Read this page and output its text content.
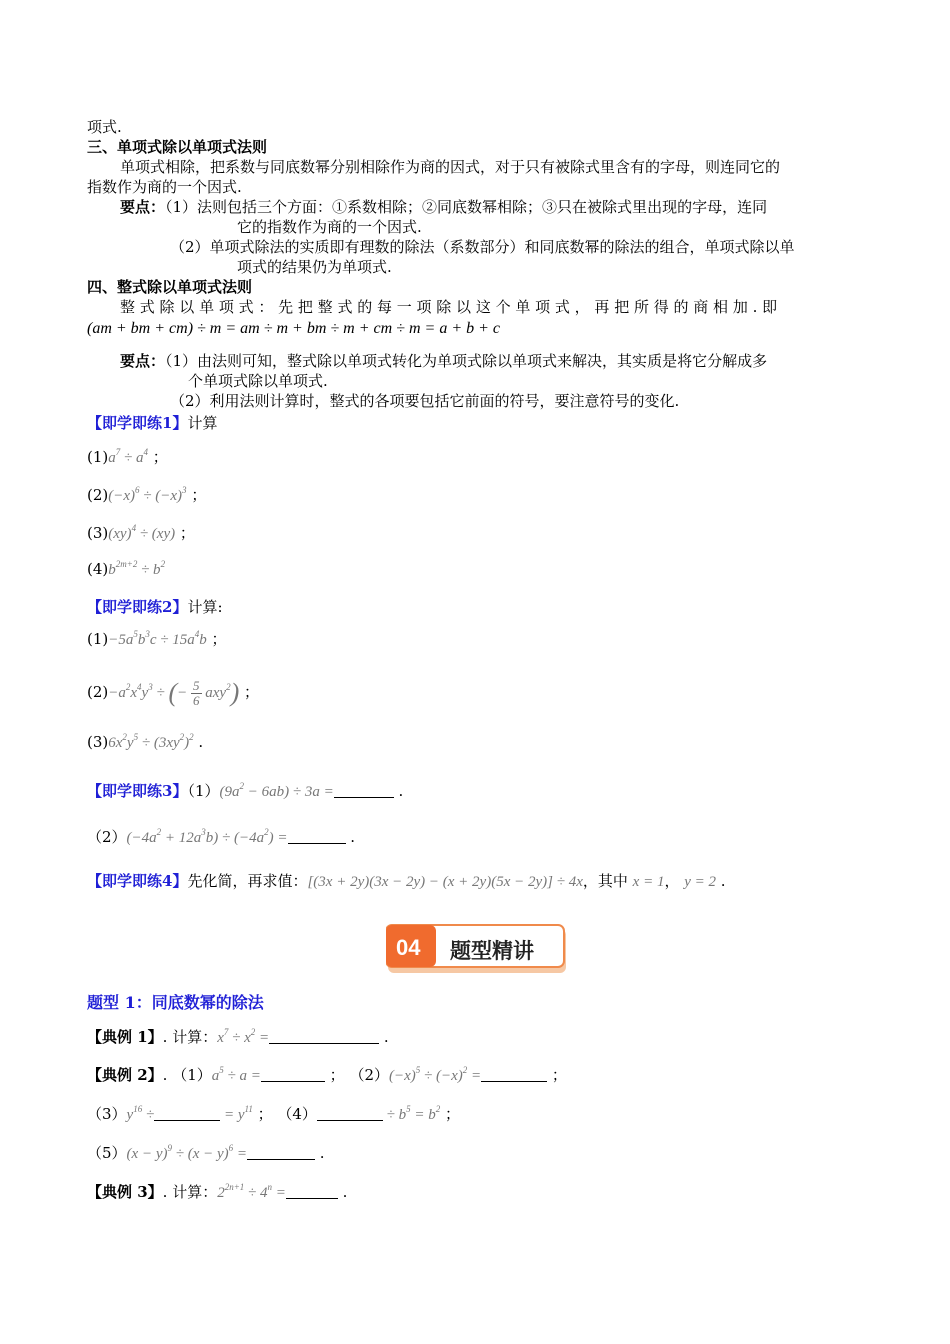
项式.
三、单项式除以单项式法则
单项式相除，把系数与同底数幂分别相除作为商的因式，对于只有被除式里含有的字母，则连同它的
指数作为商的一个因式.
要点：（1）法则包括三个方面：①系数相除；②同底数幂相除；③只在被除式里出现的字母，连同
它的指数作为商的一个因式.
（2）单项式除法的实质即有理数的除法（系数部分）和同底数幂的除法的组合，单项式除以单
项式的结果仍为单项式.
四、整式除以单项式法则
整 式 除 以 单 项 式 ： 先 把 整 式 的 每 一 项 除 以 这 个 单 项 式 ， 再 把 所 得 的 商 相 加 . 即
(am + bm + cm) ÷ m = am ÷ m + bm ÷ m + cm ÷ m = a + b + c
要点：（1）由法则可知，整式除以单项式转化为单项式除以单项式来解决，其实质是将它分解成多
个单项式除以单项式.
（2）利用法则计算时，整式的各项要包括它前面的符号，要注意符号的变化.
【即学即练1】计算
$(1)a^7 \div a^4$ ；
$(2)(-x)^6 \div (-x)^3$ ；
(3)(xy)$^4$ ÷ (xy) ；
$(4)b^{2m+2} \div b^2$
【即学即练2】计算:
$(1)-5a^5b^3c \div 15a^4b$ ；
$(2)-a^2x^4y^3$ ÷ (− $\frac{5}{6} axy^2$) ；
$(3)6x^2y^5 \div (3xy^2)^2$ .
【即学即练3】$(1)(9a^2 - 6ab) \div 3a$ =	.
$(2)(-4a^2 + 12a^3b) \div (-4a^2)$ =	.
【即学即练4】先化简，再求值：[(3x + 2y)(3x − 2y) − (x + 2y)(5x − 2y)] ÷ 4x，其中 x = 1， y = 2 .
04 题型精讲
题型 1：同底数幂的除法
【典例 1】. 计算：$x^7 \div x^2$ =	.
【典例 2】. $(1)a^5 \div a$ =	； $(2)(-x)^5 \div (-x)^2$ =	；
$(3)y^{16}$ ÷	= $y^{11}$ ； （4）	÷ $b^5 = b^2$ ；
$(5)(x - y)^9 \div (x - y)^6$ =	.
【典例 3】. 计算：$2^{2n+1} \div 4^n$ =	.
